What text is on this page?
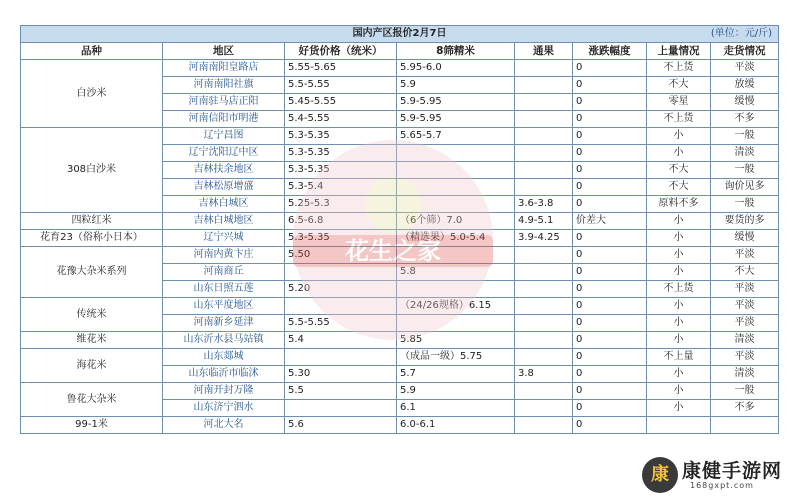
国内产区报价2月7日 (单位：元/斤)							

品种	地区	好货价格（统米）	8筛精米	通果	涨跌幅度	上量情况	走货情况
白沙米	河南南阳皇路店	5.55-5.65	5.95-6.0		0	不上货	平淡
	河南南阳社旗	5.5-5.55	5.9		0	不大	放缓
	河南驻马店正阳	5.45-5.55	5.9-5.95		0	零星	缓慢
	河南信阳市明港	5.4-5.55	5.9-5.95		0	不上货	不多
308白沙米	辽宁昌图	5.3-5.35	5.65-5.7		0	小	一般
	辽宁沈阳辽中区	5.3-5.35			0	小	清淡
	吉林扶余地区	5.3-5.35			0	不大	一般
	吉林松原增盛	5.3-5.4			0	不大	询价见多
	吉林白城区	5.25-5.3		3.6-3.8	0	原料不多	一般
四粒红米	吉林白城地区	6.5-6.8	（6个筛）7.0	4.9-5.1	价差大	小	要货的多
花育23（俗称小日本）	辽宁兴城	5.3-5.35	（精选果）5.0-5.4	3.9-4.25	0	小	缓慢
花豫大杂米系列	河南内黄卞庄	5.50			0	小	平淡
	河南商丘		5.8		0	小	不大
	山东日照五莲	5.20			0	不上货	平淡
传统米	山东平度地区		（24/26规格）6.15		0	小	平淡
	河南新乡延津	5.5-5.55			0	小	平淡
维花米	山东沂水县马站镇	5.4	5.85		0	小	清淡
海花米	山东郯城		（成品一级）5.75		0	不上量	平淡
	山东临沂市临沭	5.30	5.7	3.8	0	小	清淡
鲁花大杂米	河南开封万隆	5.5	5.9		0	小	一般
	山东济宁泗水		6.1		0	小	不多
99-1米	河北大名	5.6	6.0-6.1		0		
花生之家
康 康健手游网
168gxpt.com
